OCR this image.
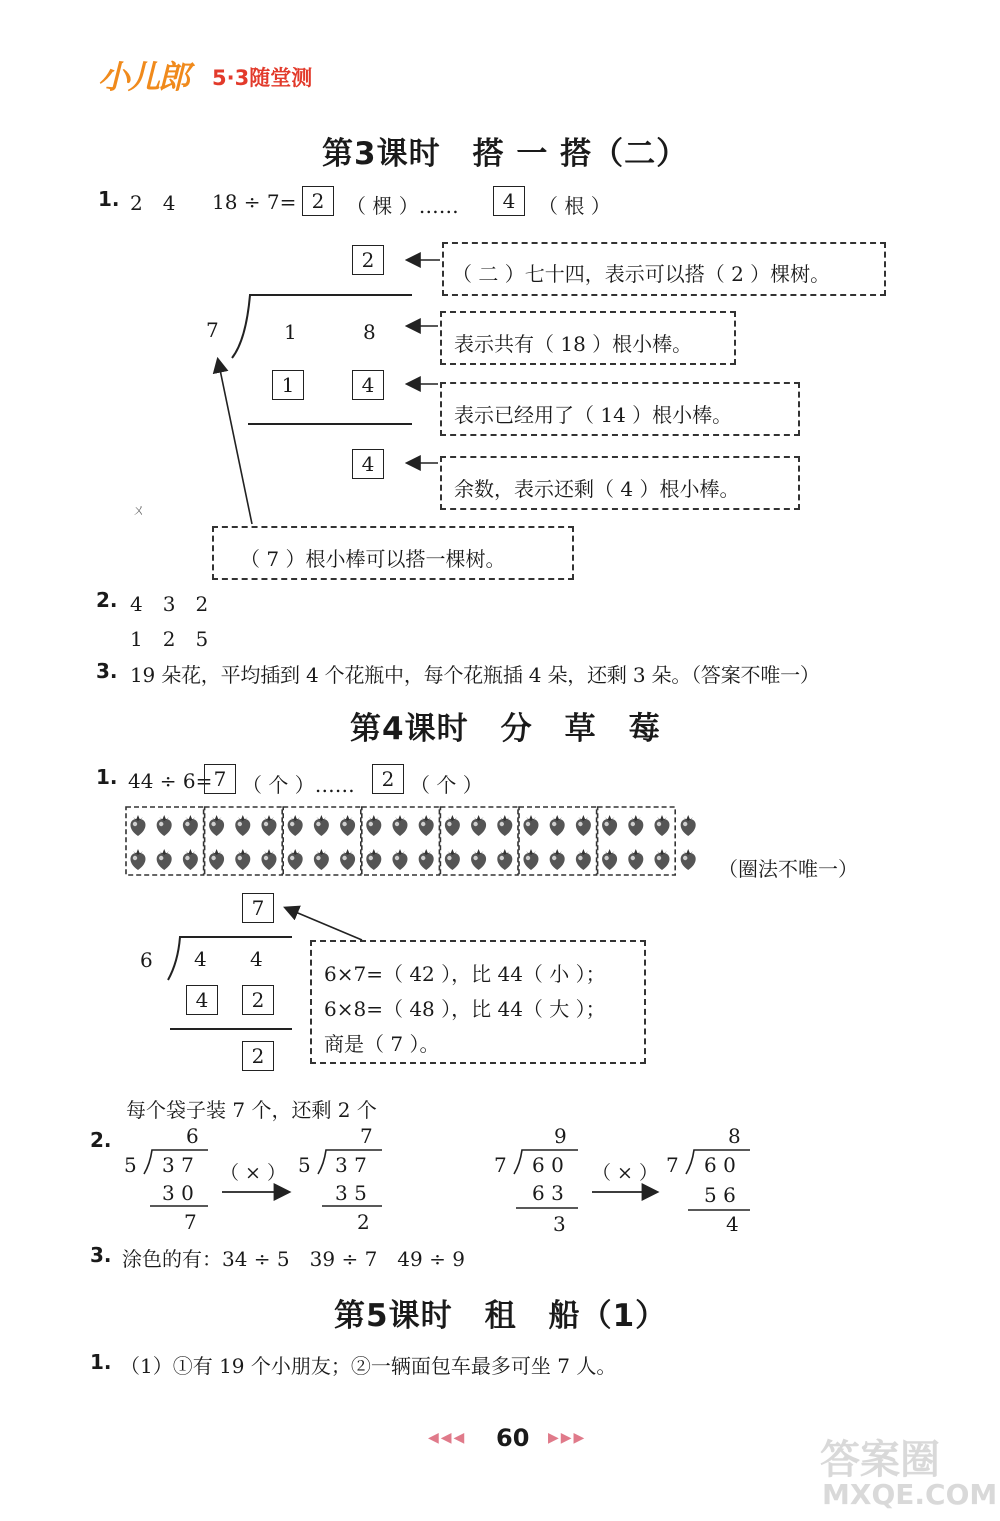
小儿郎 5·3随堂测
第3课时　搭 一 搭（二）
1. 2　4 18 ÷ 7= 2	（ 棵 ）……	4	（ 根 ）
2
7	1	8
1	4
4
（ 二 ）七十四，表示可以搭（ 2 ）棵树。
表示共有（ 18 ）根小棒。
表示已经用了（ 14 ）根小棒。
余数，表示还剩（ 4 ）根小棒。
（ 7 ）根小棒可以搭一棵树。
ㄨ
2. 4　3　2
1　2　5
3. 19 朵花，平均插到 4 个花瓶中，每个花瓶插 4 朵，还剩 3 朵。（答案不唯一）
第4课时　分　草　莓
1. 44 ÷ 6= 7 （ 个 ）……	2 （ 个 ）
（圈法不唯一）
7
6 4 4
4	2
2
6×7=（ 42 ），比 44（ 小 ）；
6×8=（ 48 ），比 44（ 大 ）；
商是（ 7 ）。
每个袋子装 7 个，还剩 2 个
2.	6
5 3 7
3 0
7
（ × ）
7
5 3 7
3 5
2
9
7 6 0
6 3
3
（ × ）
8
7 6 0
5 6
4
3. 涂色的有：34 ÷ 5　39 ÷ 7　49 ÷ 9
第5课时　租　船（1）
1. （1）①有 19 个小朋友；②一辆面包车最多可坐 7 人。
◀◀◀ 60 ▶▶▶	答案圈
MXQE.COM
